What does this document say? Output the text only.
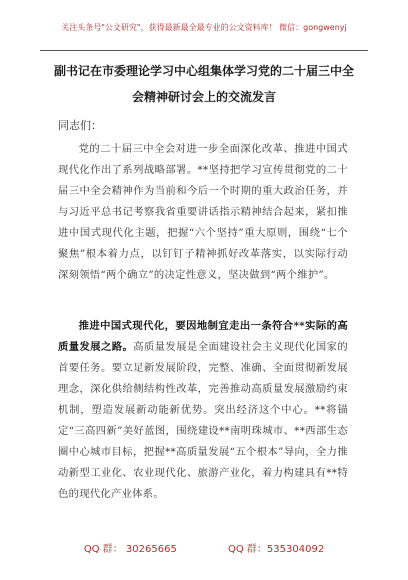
关注头条号"公文研究"，获得最新最全最专业的公文资料库！ 微信：gongwenyj
副书记在市委理论学习中心组集体学习党的二十届三中全
会精神研讨会上的交流发言
同志们：

党的二十届三中全会对进一步全面深化改革、推进中国式现代化作出了系列战略部署。**坚持把学习宣传贯彻党的二十届三中全会精神作为当前和今后一个时期的重大政治任务，并与习近平总书记考察我省重要讲话指示精神结合起来，紧扣推进中国式现代化主题，把握“六个坚持”重大原则，围绕“七个聚焦”根本着力点，以钉钉子精神抓好改革落实，以实际行动深刻领悟“两个确立”的决定性意义，坚决做到“两个维护”。

推进中国式现代化，要因地制宜走出一条符合**实际的高质量发展之路。高质量发展是全面建设社会主义现代化国家的首要任务。要立足新发展阶段，完整、准确、全面贯彻新发展理念，深化供给侧结构性改革，完善推动高质量发展激励约束机制，塑造发展新动能新优势。突出经济这个中心。**将锚定“三高四新”美好蓝图，围绕建设**南明珠城市、**西部生态圈中心城市目标，把握**高质量发展“五个根本”导向，全力推动新型工业化、农业现代化、旅游产业化，着力构建具有**特色的现代化产业体系。

QQ 群： 30265665	QQ 群：535304092
